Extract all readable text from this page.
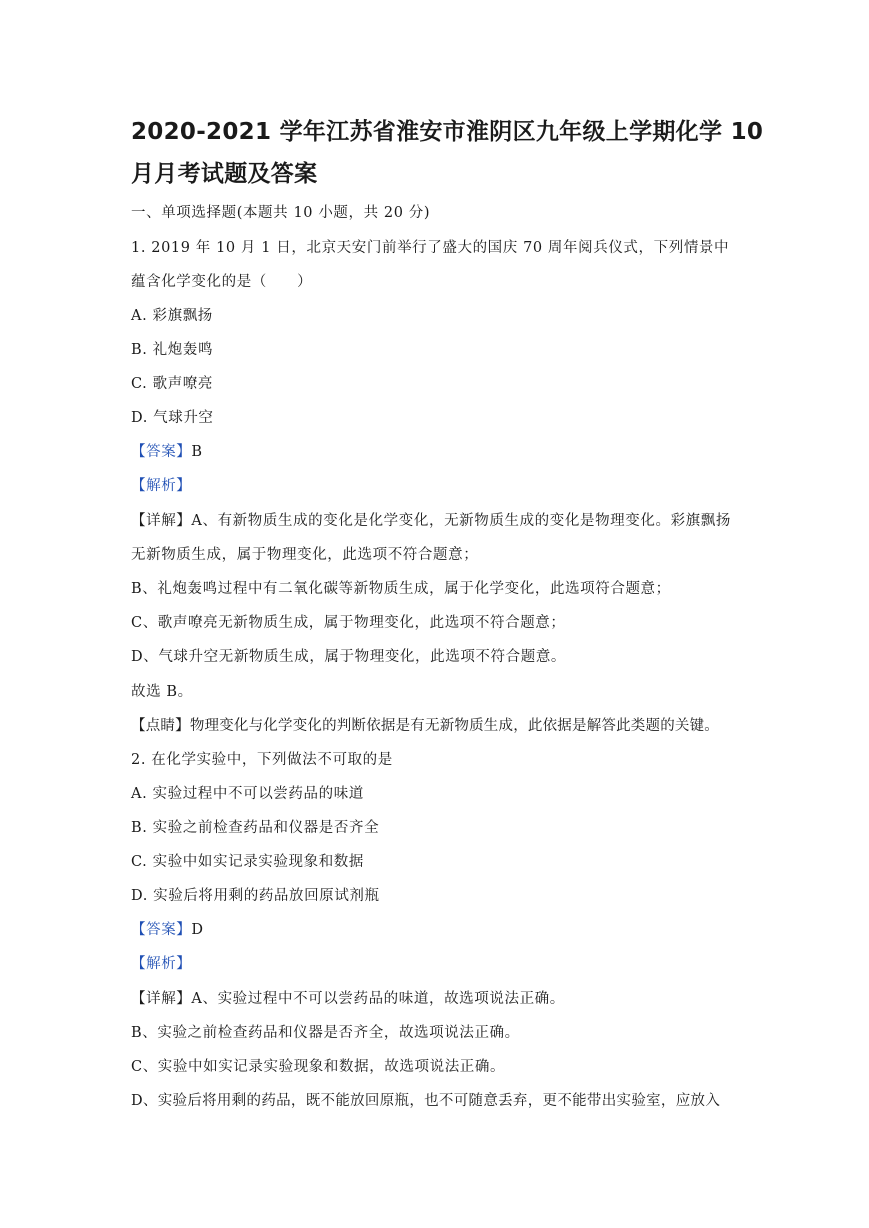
2020-2021 学年江苏省淮安市淮阴区九年级上学期化学 10
月月考试题及答案
一、单项选择题(本题共 10 小题，共 20 分)
1. 2019 年 10 月 1 日，北京天安门前举行了盛大的国庆 70 周年阅兵仪式，下列情景中
蕴含化学变化的是（　　）
A. 彩旗飘扬
B. 礼炮轰鸣
C. 歌声嘹亮
D. 气球升空
【答案】B
【解析】
【详解】A、有新物质生成的变化是化学变化，无新物质生成的变化是物理变化。彩旗飘扬
无新物质生成，属于物理变化，此选项不符合题意；
B、礼炮轰鸣过程中有二氧化碳等新物质生成，属于化学变化，此选项符合题意；
C、歌声嘹亮无新物质生成，属于物理变化，此选项不符合题意；
D、气球升空无新物质生成，属于物理变化，此选项不符合题意。
故选 B。
【点睛】物理变化与化学变化的判断依据是有无新物质生成，此依据是解答此类题的关键。
2. 在化学实验中，下列做法不可取的是
A. 实验过程中不可以尝药品的味道
B. 实验之前检查药品和仪器是否齐全
C. 实验中如实记录实验现象和数据
D. 实验后将用剩的药品放回原试剂瓶
【答案】D
【解析】
【详解】A、实验过程中不可以尝药品的味道，故选项说法正确。
B、实验之前检查药品和仪器是否齐全，故选项说法正确。
C、实验中如实记录实验现象和数据，故选项说法正确。
D、实验后将用剩的药品，既不能放回原瓶，也不可随意丢弃，更不能带出实验室，应放入
